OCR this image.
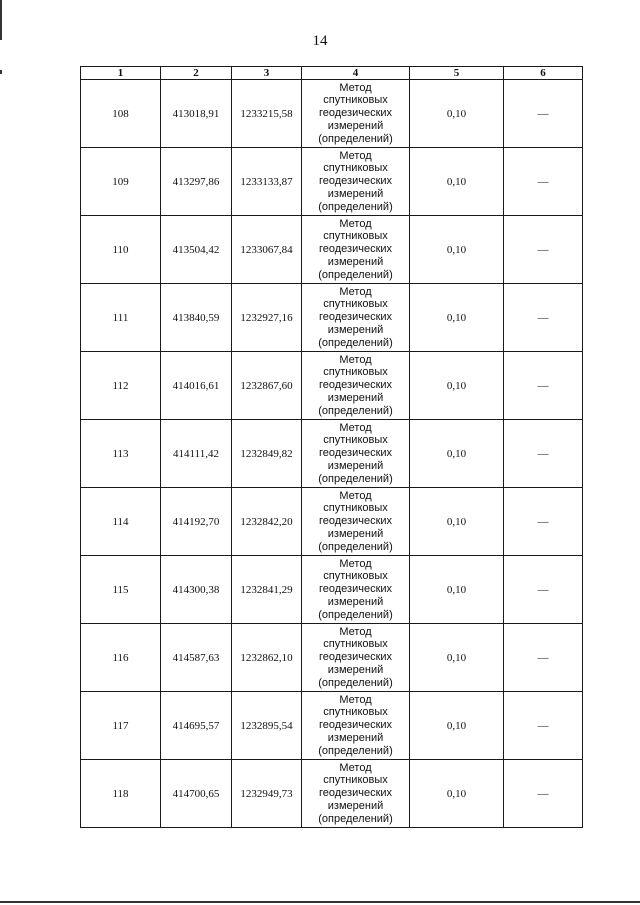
14
1	2	3	4	5	6
108	413018,91	1233215,58	Метод
спутниковых
геодезических
измерений
(определений)	0,10	—
109	413297,86	1233133,87	Метод
спутниковых
геодезических
измерений
(определений)	0,10	—
110	413504,42	1233067,84	Метод
спутниковых
геодезических
измерений
(определений)	0,10	—
111	413840,59	1232927,16	Метод
спутниковых
геодезических
измерений
(определений)	0,10	—
112	414016,61	1232867,60	Метод
спутниковых
геодезических
измерений
(определений)	0,10	—
113	414111,42	1232849,82	Метод
спутниковых
геодезических
измерений
(определений)	0,10	—
114	414192,70	1232842,20	Метод
спутниковых
геодезических
измерений
(определений)	0,10	—
115	414300,38	1232841,29	Метод
спутниковых
геодезических
измерений
(определений)	0,10	—
116	414587,63	1232862,10	Метод
спутниковых
геодезических
измерений
(определений)	0,10	—
117	414695,57	1232895,54	Метод
спутниковых
геодезических
измерений
(определений)	0,10	—
118	414700,65	1232949,73	Метод
спутниковых
геодезических
измерений
(определений)	0,10	—
